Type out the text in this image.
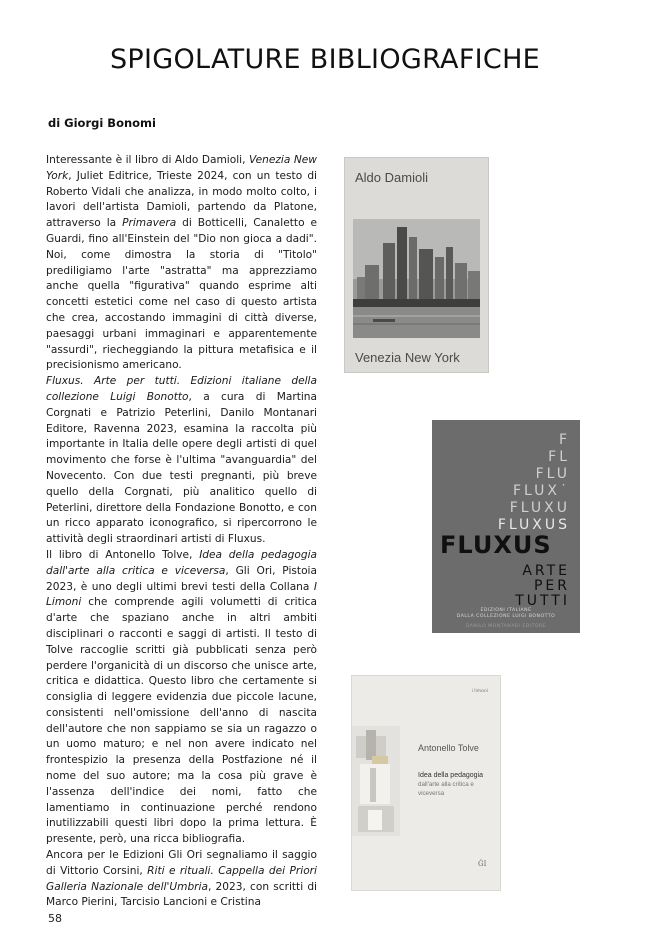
SPIGOLATURE BIBLIOGRAFICHE
di Giorgi Bonomi

Interessante è il libro di Aldo Damioli, Venezia New York, Juliet Editrice, Trieste 2024, con un testo di Roberto Vidali che analizza, in modo molto colto, i lavori dell'artista Damioli, partendo da Platone, attraverso la Primavera di Botticelli, Canaletto e Guardi, fino all'Einstein del "Dio non gioca a dadi". Noi, come dimostra la storia di "Titolo" prediligiamo l'arte "astratta" ma apprezziamo anche quella "figurativa" quando esprime alti concetti estetici come nel caso di questo artista che crea, accostando immagini di città diverse, paesaggi urbani immaginari e apparentemente "assurdi", riecheggiando la pittura metafisica e il precisionismo americano.

Fluxus. Arte per tutti. Edizioni italiane della collezione Luigi Bonotto, a cura di Martina Corgnati e Patrizio Peterlini, Danilo Montanari Editore, Ravenna 2023, esamina la raccolta più importante in Italia delle opere degli artisti di quel movimento che forse è l'ultima "avanguardia" del Novecento. Con due testi pregnanti, più breve quello della Corgnati, più analitico quello di Peterlini, direttore della Fondazione Bonotto, e con un ricco apparato iconografico, si ripercorrono le attività degli straordinari artisti di Fluxus.

Il libro di Antonello Tolve, Idea della pedagogia dall'arte alla critica e viceversa, Gli Ori, Pistoia 2023, è uno degli ultimi brevi testi della Collana I Limoni che comprende agili volumetti di critica d'arte che spaziano anche in altri ambiti disciplinari o racconti e saggi di artisti. Il testo di Tolve raccoglie scritti già pubblicati senza però perdere l'organicità di un discorso che unisce arte, critica e didattica. Questo libro che certamente si consiglia di leggere evidenzia due piccole lacune, consistenti nell'omissione dell'anno di nascita dell'autore che non sappiamo se sia un ragazzo o un uomo maturo; e nel non avere indicato nel frontespizio la presenza della Postfazione né il nome del suo autore; ma la cosa più grave è l'assenza dell'indice dei nomi, fatto che lamentiamo in continuazione perché rendono inutilizzabili questi libri dopo la prima lettura. È presente, però, una ricca bibliografia.

Ancora per le Edizioni Gli Ori segnaliamo il saggio di Vittorio Corsini, Riti e rituali. Cappella dei Priori Galleria Nazionale dell'Umbria, 2023, con scritti di Marco Pierini, Tarcisio Lancioni e Cristina

Aldo Damioli
Venezia New York
F
FL
FLU
FLUX˙
FLUXU
FLUXUS
FLUXUS
ARTE
PER
TUTTI
EDIZIONI ITALIANE
DALLA COLLEZIONE LUIGI BONOTTO
DANILO MONTANARI EDITORE
i limoni
Antonello Tolve
Idea della pedagogia
dall'arte alla critica e viceversa
ĠI
58
